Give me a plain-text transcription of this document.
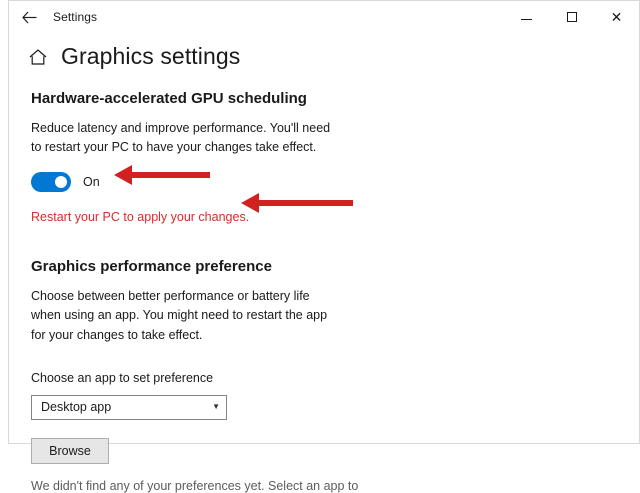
Settings	✕
Graphics settings
Hardware-accelerated GPU scheduling

Reduce latency and improve performance. You'll need to restart your PC to have your changes take effect.

On
Restart your PC to apply your changes.
Graphics performance preference

Choose between better performance or battery life when using an app. You might need to restart the app for your changes to take effect.

Choose an app to set preference
Desktop app	▼
Browse
We didn't find any of your preferences yet. Select an app to
